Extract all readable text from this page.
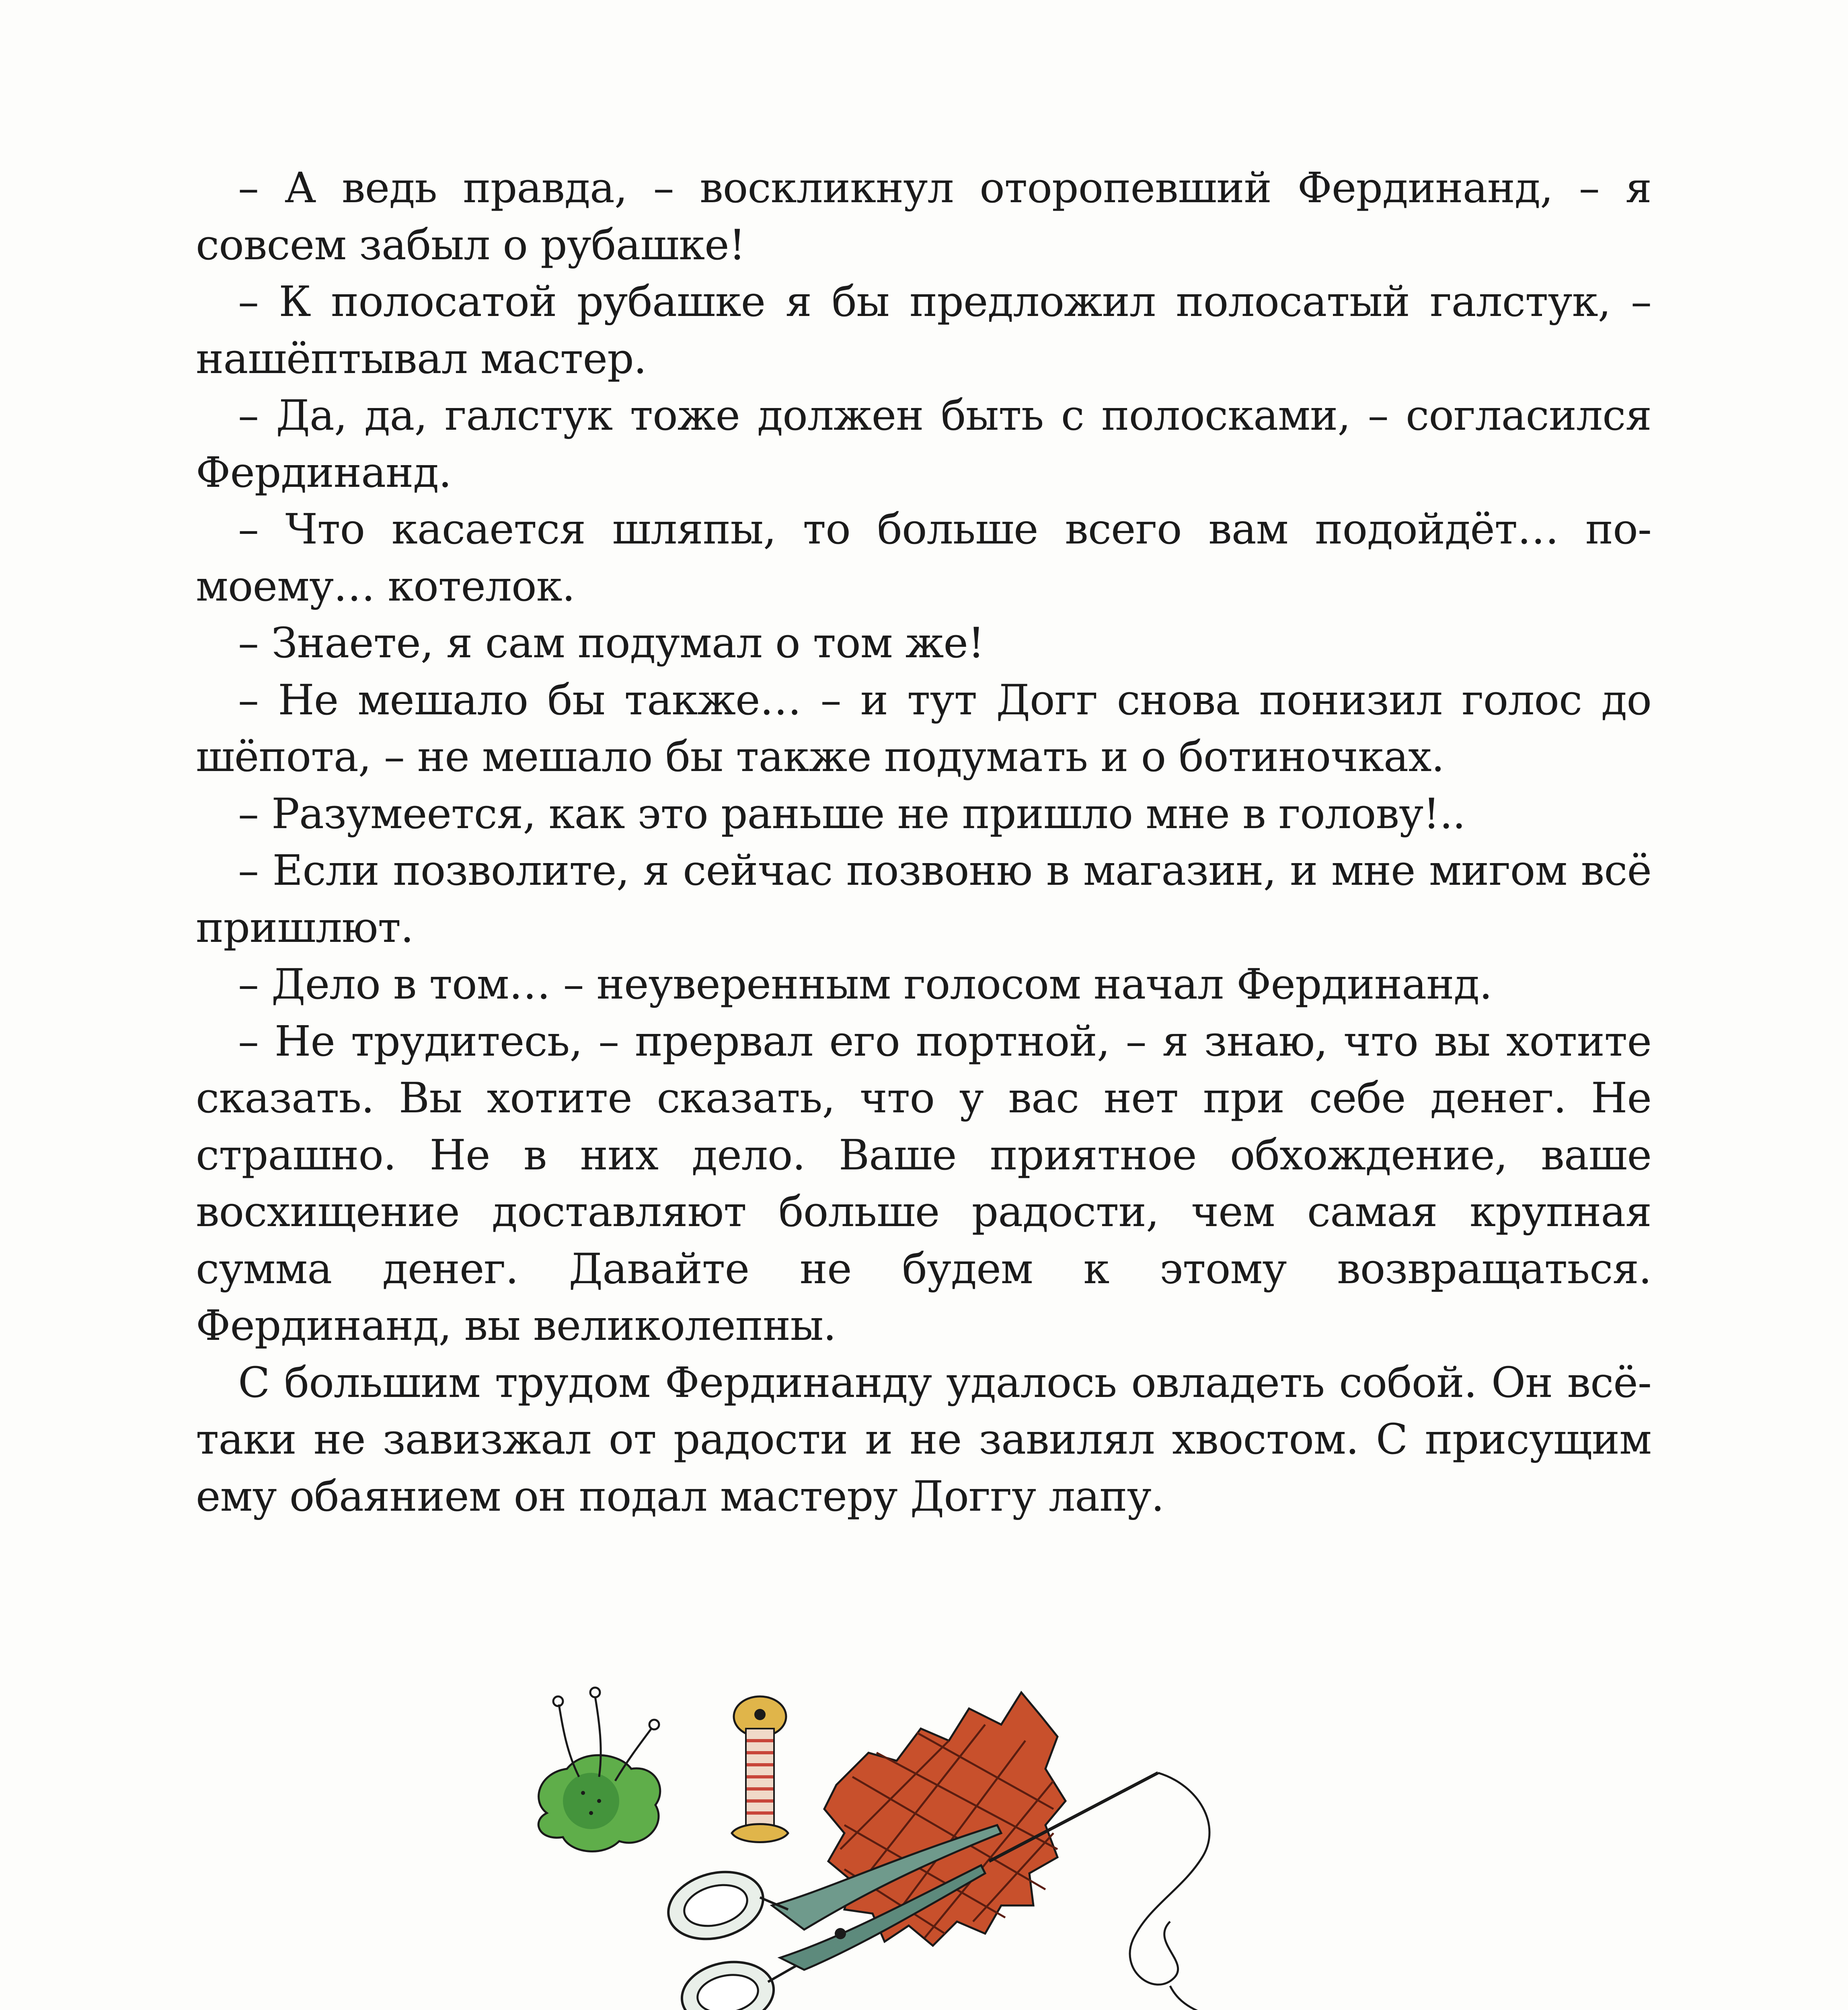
– А ведь правда, – воскликнул оторопевший Фердинанд, – я совсем забыл о рубашке!

– К полосатой рубашке я бы предложил полосатый галстук, – нашёптывал мастер.

– Да, да, галстук тоже должен быть с полосками, – согласился Фердинанд.

– Что касается шляпы, то больше всего вам подойдёт… по-моему… котелок.

– Знаете, я сам подумал о том же!

– Не мешало бы также… – и тут Догг снова понизил голос до шёпота, – не мешало бы также подумать и о ботиночках.

– Разумеется, как это раньше не пришло мне в голову!..

– Если позволите, я сейчас позвоню в магазин, и мне мигом всё пришлют.

– Дело в том… – неуверенным голосом начал Фердинанд.

– Не трудитесь, – прервал его портной, – я знаю, что вы хотите сказать. Вы хотите сказать, что у вас нет при себе денег. Не страшно. Не в них дело. Ваше приятное обхождение, ваше восхищение доставляют больше радости, чем самая крупная сумма денег. Давайте не будем к этому возвращаться. Фердинанд, вы великолепны.

С большим трудом Фердинанду удалось овладеть собой. Он всё-таки не завизжал от радости и не завилял хвостом. С присущим ему обаянием он подал мастеру Доггу лапу.
